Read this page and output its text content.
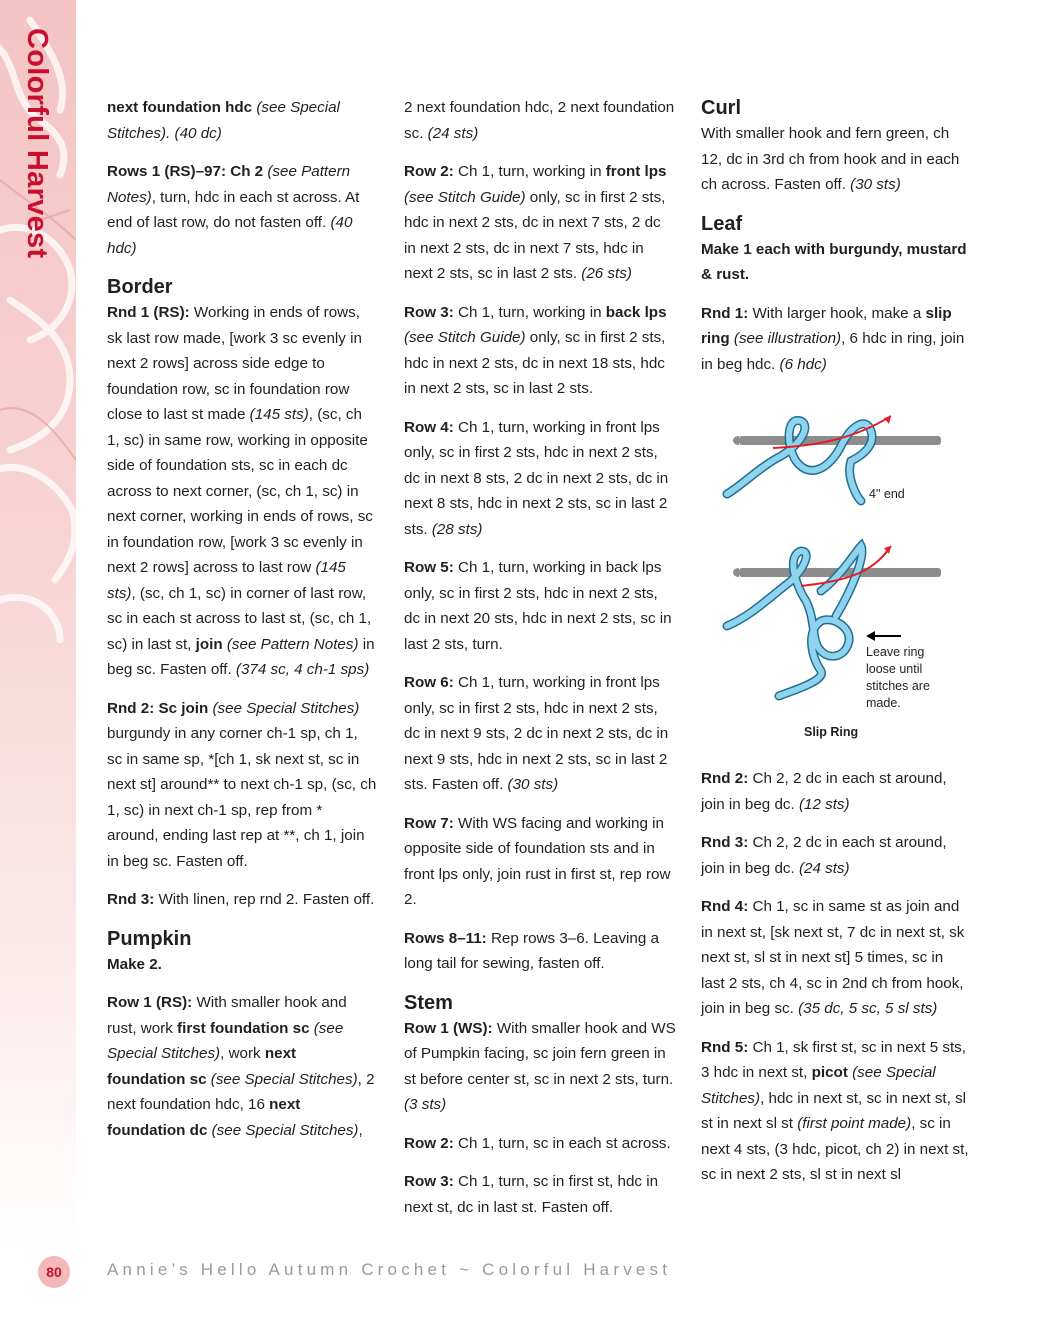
Colorful Harvest	next foundation hdc (see Special Stitches). (40 dc)

Rows 1 (RS)–97: Ch 2 (see Pattern Notes), turn, hdc in each st across. At end of last row, do not fasten off. (40 hdc)

Border

Rnd 1 (RS): Working in ends of rows, sk last row made, [work 3 sc evenly in next 2 rows] across side edge to foundation row, sc in foundation row close to last st made (145 sts), (sc, ch 1, sc) in same row, working in opposite side of foundation sts, sc in each dc across to next corner, (sc, ch 1, sc) in next corner, working in ends of rows, sc in foundation row, [work 3 sc evenly in next 2 rows] across to last row (145 sts), (sc, ch 1, sc) in corner of last row, sc in each st across to last st, (sc, ch 1, sc) in last st, join (see Pattern Notes) in beg sc. Fasten off. (374 sc, 4 ch-1 sps)

Rnd 2: Sc join (see Special Stitches) burgundy in any corner ch-1 sp, ch 1, sc in same sp, *[ch 1, sk next st, sc in next st] around** to next ch-1 sp, (sc, ch 1, sc) in next ch-1 sp, rep from * around, ending last rep at **, ch 1, join in beg sc. Fasten off.

Rnd 3: With linen, rep rnd 2. Fasten off.

Pumpkin
Make 2.

Row 1 (RS): With smaller hook and rust, work first foundation sc (see Special Stitches), work next foundation sc (see Special Stitches), 2 next foundation hdc, 16 next foundation dc (see Special Stitches),

2 next foundation hdc, 2 next foundation sc. (24 sts)

Row 2: Ch 1, turn, working in front lps (see Stitch Guide) only, sc in first 2 sts, hdc in next 2 sts, dc in next 7 sts, 2 dc in next 2 sts, dc in next 7 sts, hdc in next 2 sts, sc in last 2 sts. (26 sts)

Row 3: Ch 1, turn, working in back lps (see Stitch Guide) only, sc in first 2 sts, hdc in next 2 sts, dc in next 18 sts, hdc in next 2 sts, sc in last 2 sts.

Row 4: Ch 1, turn, working in front lps only, sc in first 2 sts, hdc in next 2 sts, dc in next 8 sts, 2 dc in next 2 sts, dc in next 8 sts, hdc in next 2 sts, sc in last 2 sts. (28 sts)

Row 5: Ch 1, turn, working in back lps only, sc in first 2 sts, hdc in next 2 sts, dc in next 20 sts, hdc in next 2 sts, sc in last 2 sts, turn.

Row 6: Ch 1, turn, working in front lps only, sc in first 2 sts, hdc in next 2 sts, dc in next 9 sts, 2 dc in next 2 sts, dc in next 9 sts, hdc in next 2 sts, sc in last 2 sts. Fasten off. (30 sts)

Row 7: With WS facing and working in opposite side of foundation sts and in front lps only, join rust in first st, rep row 2.

Rows 8–11: Rep rows 3–6. Leaving a long tail for sewing, fasten off.

Stem

Row 1 (WS): With smaller hook and WS of Pumpkin facing, sc join fern green in st before center st, sc in next 2 sts, turn. (3 sts)

Row 2: Ch 1, turn, sc in each st across.

Row 3: Ch 1, turn, sc in first st, hdc in next st, dc in last st. Fasten off.

Curl

With smaller hook and fern green, ch 12, dc in 3rd ch from hook and in each ch across. Fasten off. (30 sts)

Leaf
Make 1 each with burgundy, mustard & rust.

Rnd 1: With larger hook, make a slip ring (see illustration), 6 hdc in ring, join in beg hdc. (6 hdc)

4" end
Leave ring
loose until
stitches are
made.
Slip Ring

Rnd 2: Ch 2, 2 dc in each st around, join in beg dc. (12 sts)

Rnd 3: Ch 2, 2 dc in each st around, join in beg dc. (24 sts)

Rnd 4: Ch 1, sc in same st as join and in next st, [sk next st, 7 dc in next st, sk next st, sl st in next st] 5 times, sc in last 2 sts, ch 4, sc in 2nd ch from hook, join in beg sc. (35 dc, 5 sc, 5 sl sts)

Rnd 5: Ch 1, sk first st, sc in next 5 sts, 3 hdc in next st, picot (see Special Stitches), hdc in next st, sc in next st, sl st in next sl st (first point made), sc in next 4 sts, (3 hdc, picot, ch 2) in next st, sc in next 2 sts, sl st in next sl

80	Annie’s Hello Autumn Crochet ~ Colorful Harvest
